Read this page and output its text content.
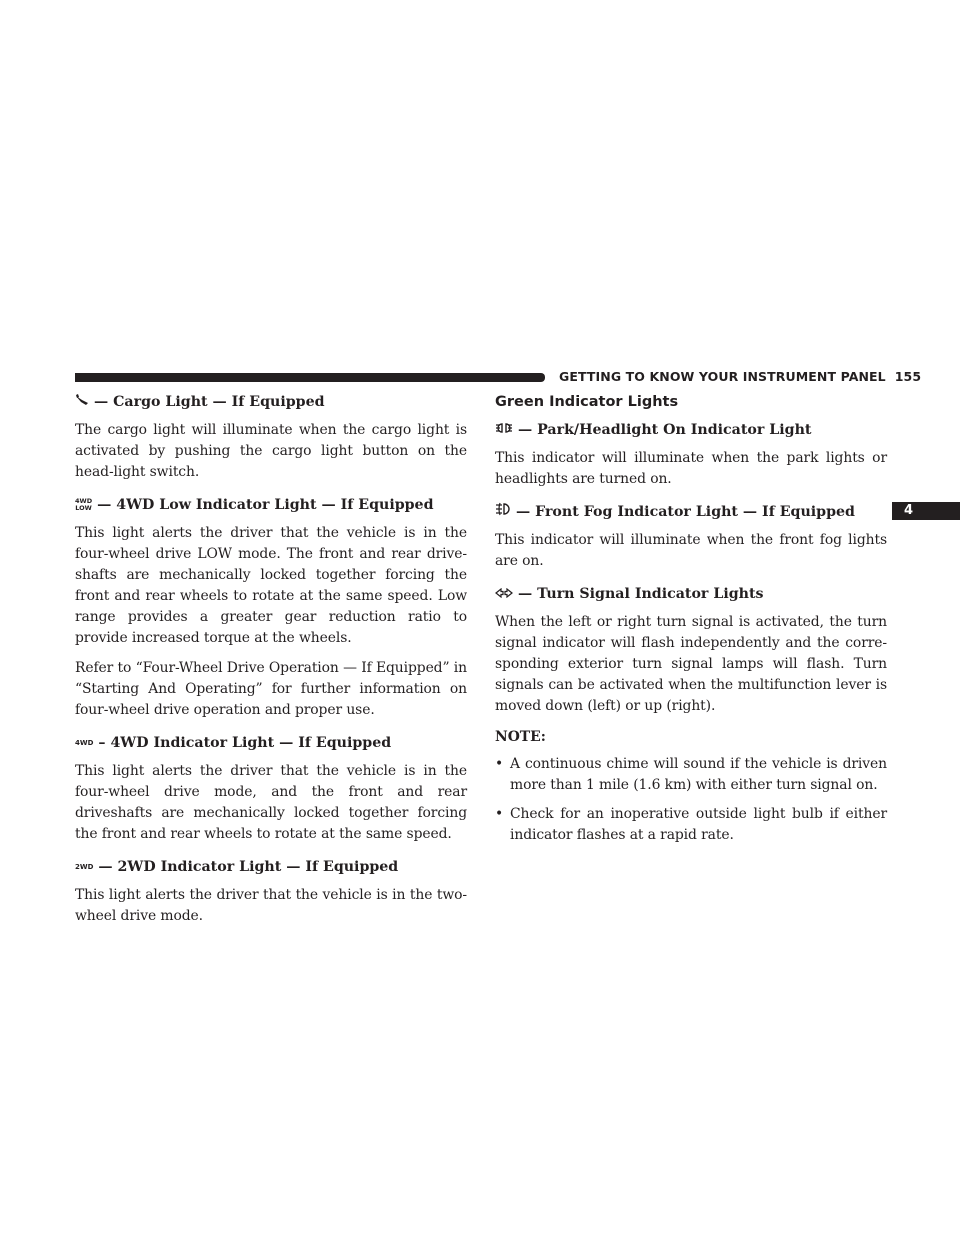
GETTING TO KNOW YOUR INSTRUMENT PANEL 155
4
— Cargo Light — If Equipped

The cargo light will illuminate when the cargo light is activated by pushing the cargo light button on the head-light switch.

4WD
LOW — 4WD Low Indicator Light — If Equipped

This light alerts the driver that the vehicle is in the four-wheel drive LOW mode. The front and rear drive-shafts are mechanically locked together forcing the front and rear wheels to rotate at the same speed. Low range provides a greater gear reduction ratio to provide increased torque at the wheels.

Refer to “Four-Wheel Drive Operation — If Equipped” in “Starting And Operating” for further information on four-wheel drive operation and proper use.

4WD – 4WD Indicator Light — If Equipped

This light alerts the driver that the vehicle is in the four-wheel drive mode, and the front and rear driveshafts are mechanically locked together forcing the front and rear wheels to rotate at the same speed.

2WD — 2WD Indicator Light — If Equipped

This light alerts the driver that the vehicle is in the two-wheel drive mode.

Green Indicator Lights
— Park/Headlight On Indicator Light

This indicator will illuminate when the park lights or headlights are turned on.

— Front Fog Indicator Light — If Equipped

This indicator will illuminate when the front fog lights are on.

— Turn Signal Indicator Lights

When the left or right turn signal is activated, the turn signal indicator will flash independently and the corre-sponding exterior turn signal lamps will flash. Turn signals can be activated when the multifunction lever is moved down (left) or up (right).

NOTE:

• A continuous chime will sound if the vehicle is driven more than 1 mile (1.6 km) with either turn signal on.
• Check for an inoperative outside light bulb if either indicator flashes at a rapid rate.
